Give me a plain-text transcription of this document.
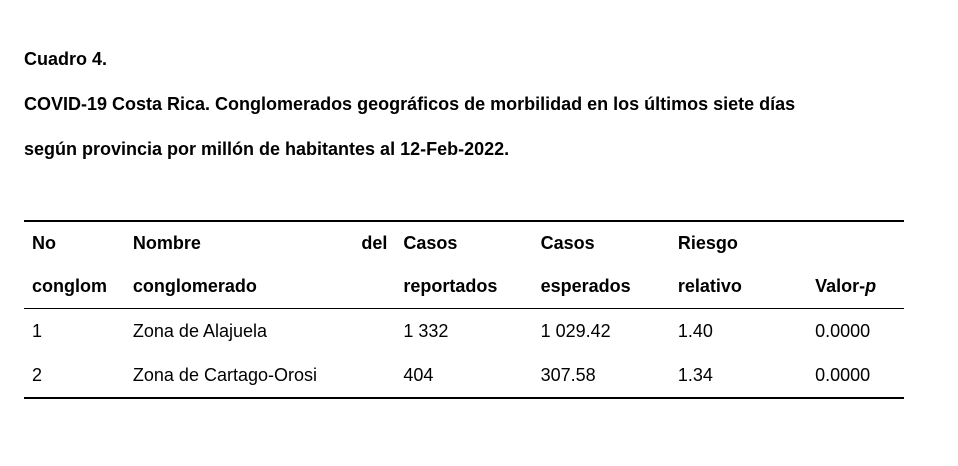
Cuadro 4.
COVID-19 Costa Rica. Conglomerados geográficos de morbilidad en los últimos siete días
según provincia por millón de habitantes al 12-Feb-2022.
No	Nombre del	Casos	Casos	Riesgo	
conglom	conglomerado	reportados	esperados	relativo	Valor-p
1	Zona de Alajuela	1 332	1 029.42	1.40	0.0000
2	Zona de Cartago-Orosi	404	307.58	1.34	0.0000
